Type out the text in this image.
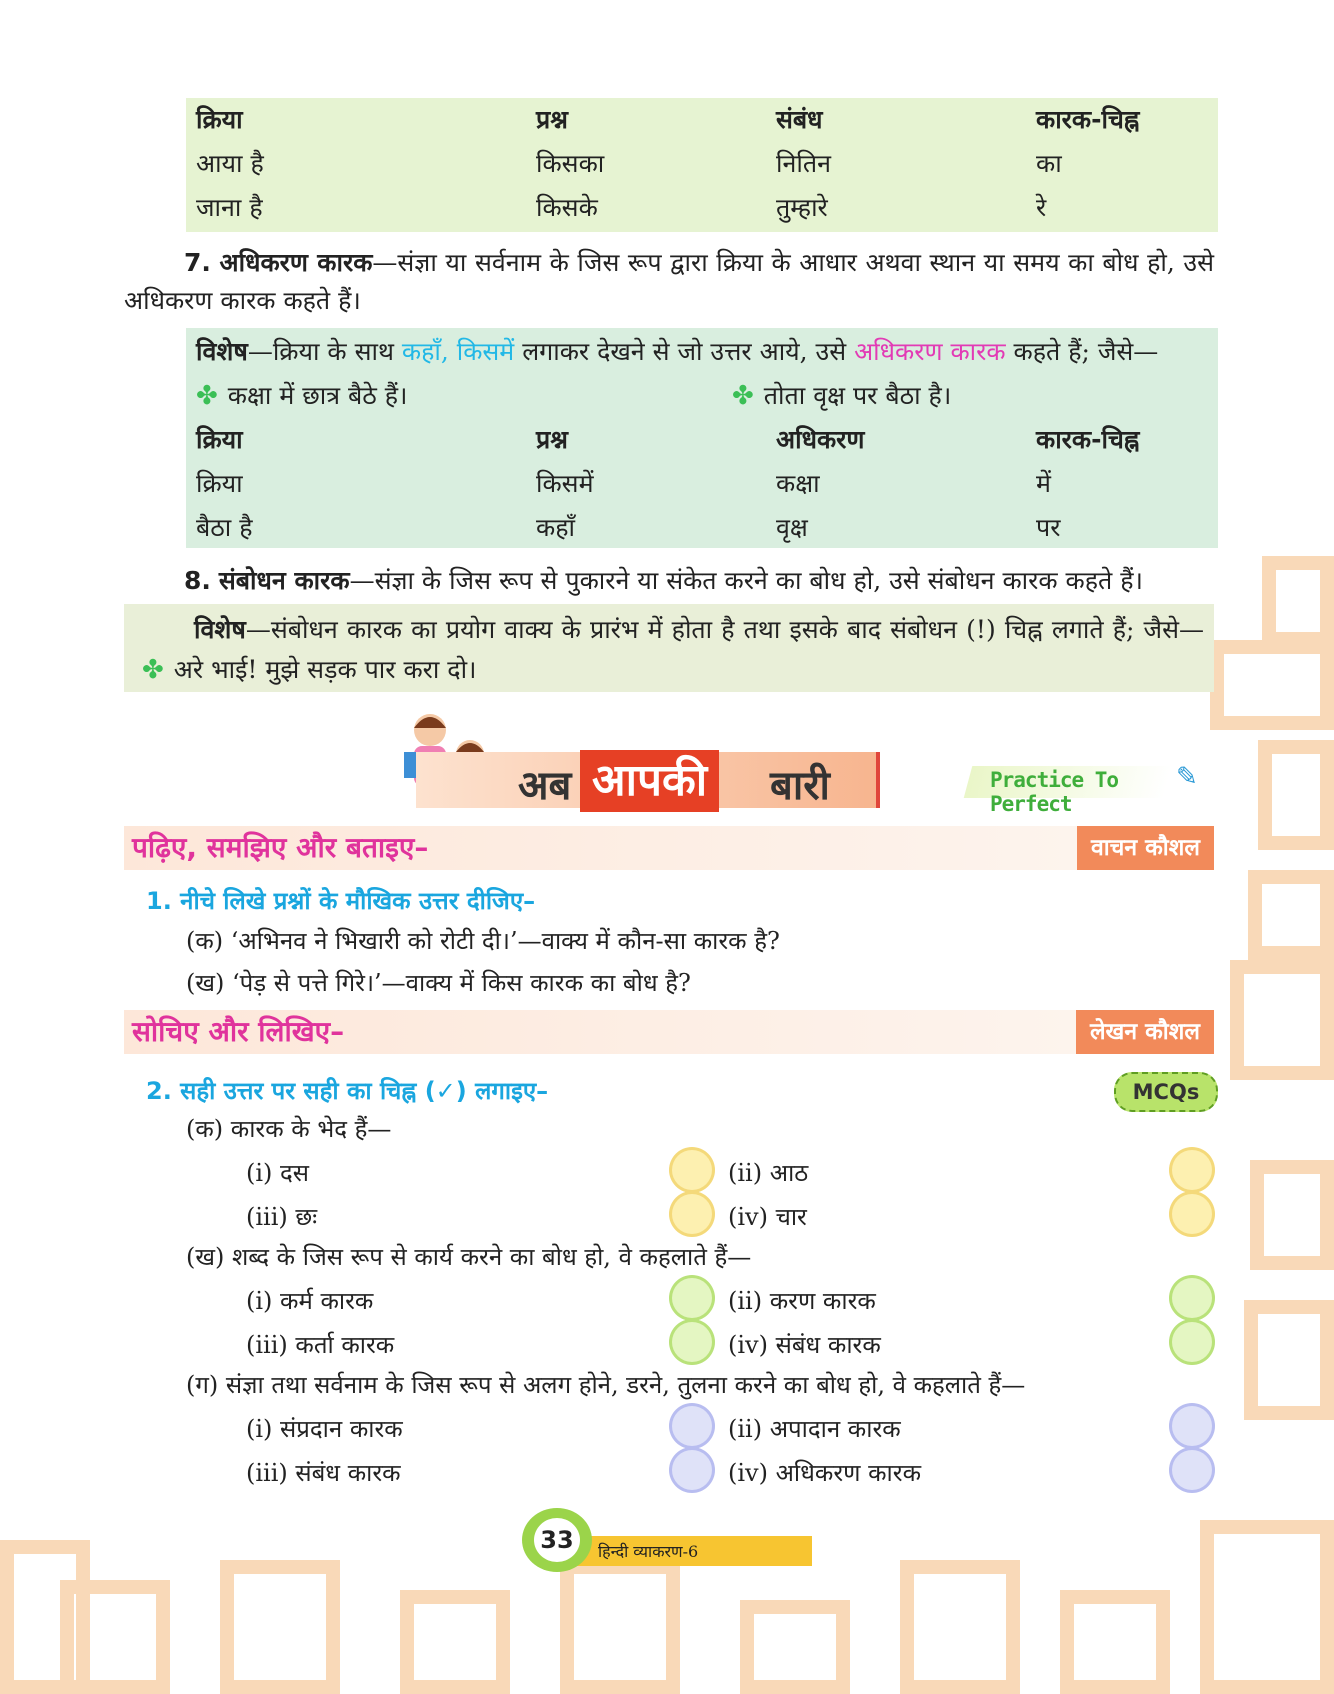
क्रिया	प्रश्न	संबंध	कारक-चिह्न
आया है	किसका	नितिन	का
जाना है	किसके	तुम्हारे	रे
7. अधिकरण कारक—संज्ञा या सर्वनाम के जिस रूप द्वारा क्रिया के आधार अथवा स्थान या समय का बोध हो, उसे अधिकरण कारक कहते हैं।
विशेष—क्रिया के साथ कहाँ, किसमें लगाकर देखने से जो उत्तर आये, उसे अधिकरण कारक कहते हैं; जैसे—
✤ कक्षा में छात्र बैठे हैं।	✤ तोता वृक्ष पर बैठा है।
क्रिया	प्रश्न	अधिकरण	कारक-चिह्न
क्रिया	किसमें	कक्षा	में
बैठा है	कहाँ	वृक्ष	पर
8. संबोधन कारक—संज्ञा के जिस रूप से पुकारने या संकेत करने का बोध हो, उसे संबोधन कारक कहते हैं।
विशेष—संबोधन कारक का प्रयोग वाक्य के प्रारंभ में होता है तथा इसके बाद संबोधन (!) चिह्न लगाते हैं; जैसे— ✤ अरे भाई! मुझे सड़क पार करा दो।
अब आपकी	बारी	Practice To Perfect
✎
पढ़िए, समझिए और बताइए–	वाचन कौशल
1. नीचे लिखे प्रश्नों के मौखिक उत्तर दीजिए–
(क) ‘अभिनव ने भिखारी को रोटी दी।’—वाक्य में कौन-सा कारक है?
(ख) ‘पेड़ से पत्ते गिरे।’—वाक्य में किस कारक का बोध है?
सोचिए और लिखिए–	लेखन कौशल
2. सही उत्तर पर सही का चिह्न (✓) लगाइए–	MCQs
(क) कारक के भेद हैं—
(i) दस	(ii) आठ
(iii) छः	(iv) चार
(ख) शब्द के जिस रूप से कार्य करने का बोध हो, वे कहलाते हैं—
(i) कर्म कारक	(ii) करण कारक
(iii) कर्ता कारक	(iv) संबंध कारक
(ग) संज्ञा तथा सर्वनाम के जिस रूप से अलग होने, डरने, तुलना करने का बोध हो, वे कहलाते हैं—
(i) संप्रदान कारक	(ii) अपादान कारक
(iii) संबंध कारक	(iv) अधिकरण कारक
33	हिन्दी व्याकरण-6
